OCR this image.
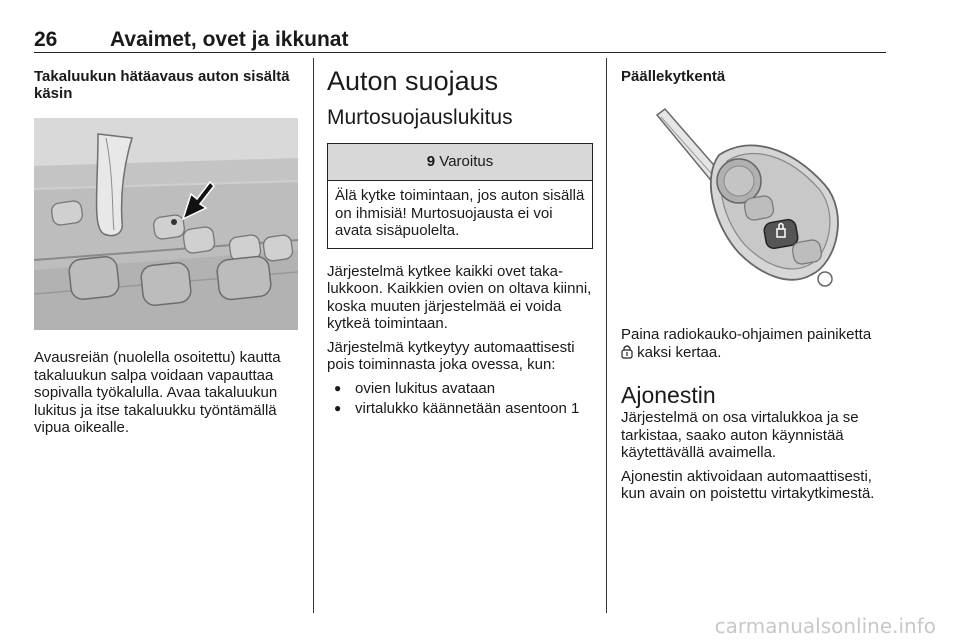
26	Avaimet, ovet ja ikkunat
Takaluukun hätäavaus auton sisältä käsin

Avausreiän (nuolella osoitettu) kautta takaluukun salpa voidaan vapauttaa sopivalla työkalulla. Avaa takaluukun lukitus ja itse takaluukku työntämällä vipua oikealle.

Auton suojaus
Murtosuojauslukitus
9 Varoitus
Älä kytke toimintaan, jos auton sisällä on ihmisiä! Murtosuojausta ei voi avata sisäpuolelta.

Järjestelmä kytkee kaikki ovet takalukkoon. Kaikkien ovien on oltava kiinni, koska muuten järjestelmää ei voida kytkeä toimintaan.

Järjestelmä kytkeytyy automaattisesti pois toiminnasta joka ovessa, kun:

● ovien lukitus avataan
● virtalukko käännetään asentoon 1
Päällekytkentä

Paina radiokauko-ohjaimen painiketta  kaksi kertaa.

Ajonestin

Järjestelmä on osa virtalukkoa ja se tarkistaa, saako auton käynnistää käytettävällä avaimella.

Ajonestin aktivoidaan automaattisesti, kun avain on poistettu virtakytkimestä.

carmanualsonline.info
